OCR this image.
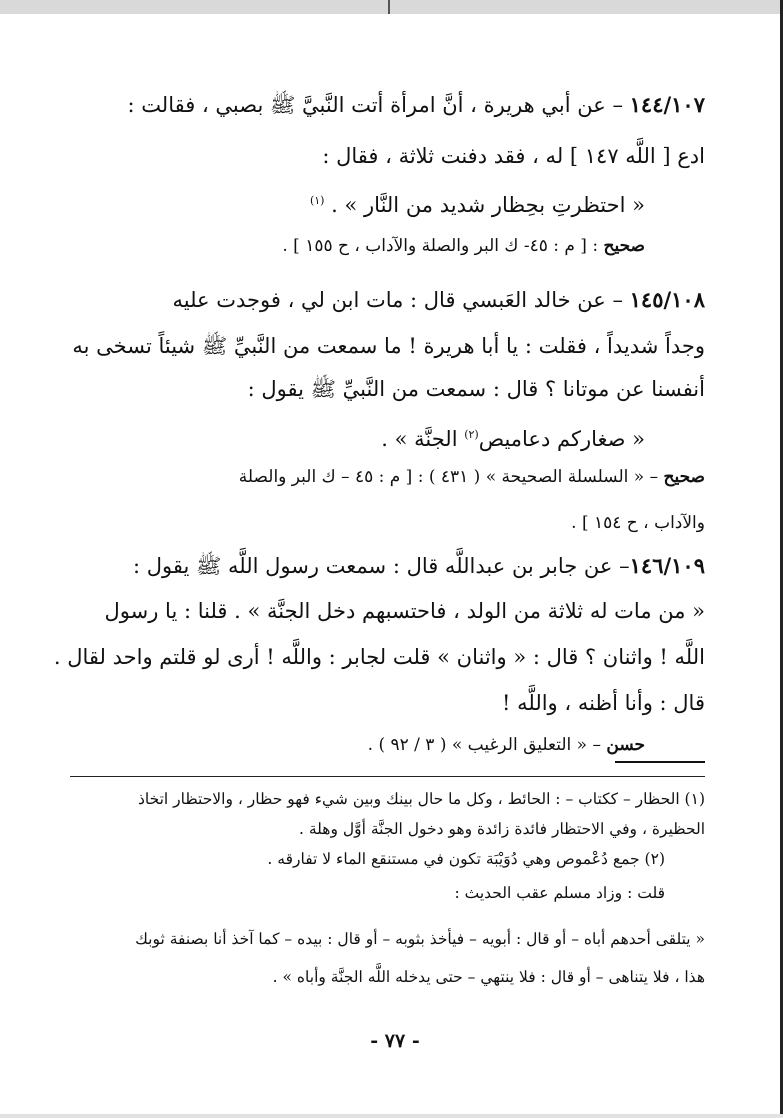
١٤٤/١٠٧ – عن أبي هريرة ، أنَّ امرأة أتت النَّبيَّ ﷺ بصبي ، فقالت :
ادع [ اللَّه ١٤٧ ] له ، فقد دفنت ثلاثة ، فقال :
« احتظرتِ بحِظار شديد من النَّار » . $^{(١)}$
صحيح : [ م : ٤٥- ك البر والصلة والآداب ، ح ١٥٥ ] .
١٤٥/١٠٨ – عن خالد العَبسي قال : مات ابن لي ، فوجدت عليه
وجداً شديداً ، فقلت : يا أبا هريرة ! ما سمعت من النَّبيِّ ﷺ شيئاً تسخى به
أنفسنا عن موتانا ؟ قال : سمعت من النَّبيِّ ﷺ يقول :
« صغاركم دعاميص$^{(٢)}$ الجنَّة » .
صحيح – « السلسلة الصحيحة » ( ٤٣١ ) : [ م : ٤٥ – ك البر والصلة
والآداب ، ح ١٥٤ ] .
١٤٦/١٠٩– عن جابر بن عبداللَّه قال : سمعت رسول اللَّه ﷺ يقول :
« من مات له ثلاثة من الولد ، فاحتسبهم دخل الجنَّة » . قلنا : يا رسول
اللَّه ! واثنان ؟ قال : « واثنان » قلت لجابر : واللَّه ! أرى لو قلتم واحد لقال .
قال : وأنا أظنه ، واللَّه !
حسن – « التعليق الرغيب » ( ٣ / ٩٢ ) .
(١) الحظار – ككتاب – : الحائط ، وكل ما حال بينك وبين شيء فهو حظار ، والاحتظار اتخاذ
الحظيرة ، وفي الاحتظار فائدة زائدة وهو دخول الجنَّة أوَّل وهلة .
(٢) جمع دُعْموص وهي دُوَيْبَة تكون في مستنقع الماء لا تفارقه .
قلت : وزاد مسلم عقب الحديث :
« يتلقى أحدهم أباه – أو قال : أبويه – فيأخذ بثوبه – أو قال : بيده – كما آخذ أنا بصنفة ثوبك
هذا ، فلا يتناهى – أو قال : فلا ينتهي – حتى يدخله اللَّه الجنَّة وأباه » .
- ٧٧ -
